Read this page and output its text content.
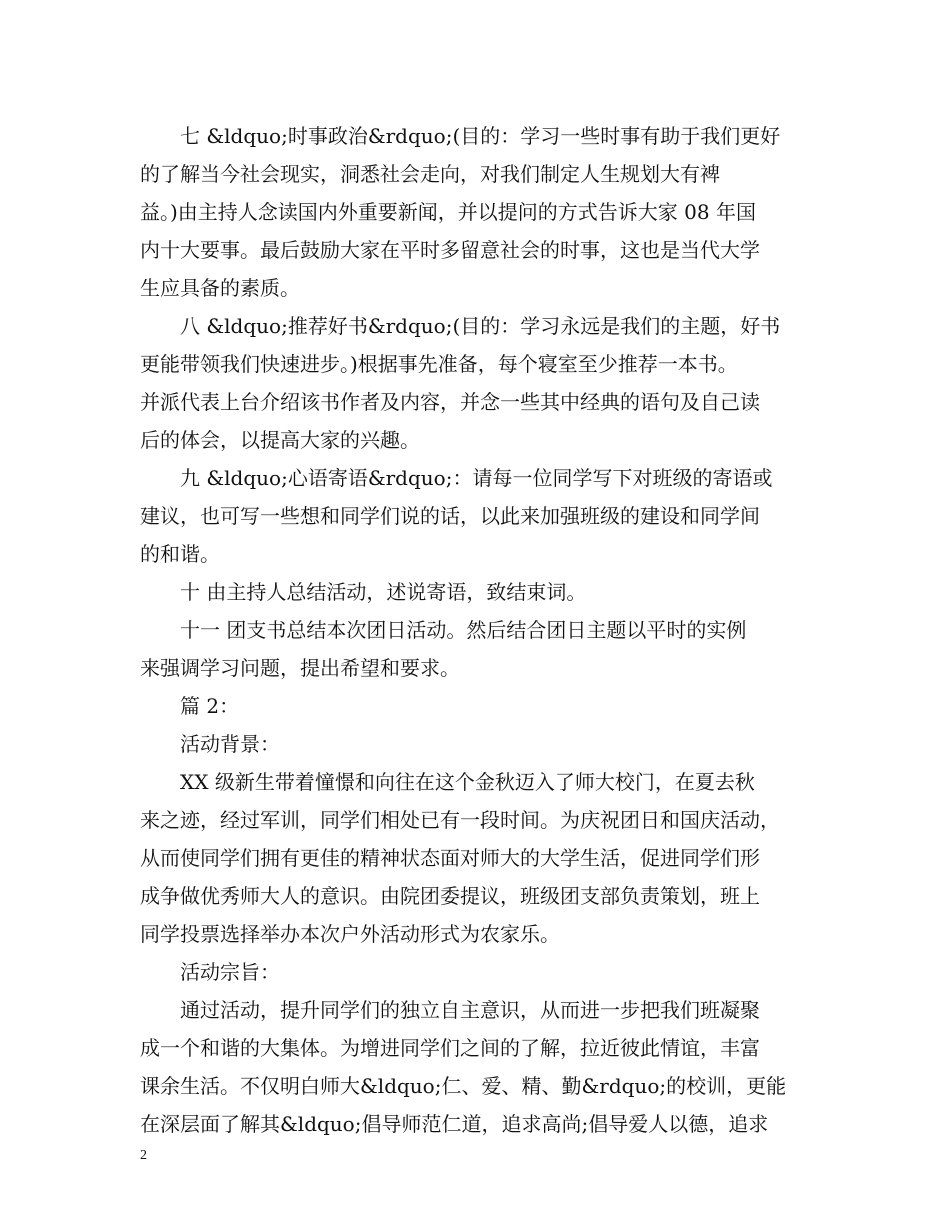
七 &ldquo;时事政治&rdquo;(目的：学习一些时事有助于我们更好
的了解当今社会现实，洞悉社会走向，对我们制定人生规划大有裨
益。)由主持人念读国内外重要新闻，并以提问的方式告诉大家 08 年国
内十大要事。最后鼓励大家在平时多留意社会的时事，这也是当代大学
生应具备的素质。
八 &ldquo;推荐好书&rdquo;(目的：学习永远是我们的主题，好书
更能带领我们快速进步。)根据事先准备，每个寝室至少推荐一本书。
并派代表上台介绍该书作者及内容，并念一些其中经典的语句及自己读
后的体会，以提高大家的兴趣。
九 &ldquo;心语寄语&rdquo;：请每一位同学写下对班级的寄语或
建议，也可写一些想和同学们说的话，以此来加强班级的建设和同学间
的和谐。
十 由主持人总结活动，述说寄语，致结束词。
十一 团支书总结本次团日活动。然后结合团日主题以平时的实例
来强调学习问题，提出希望和要求。
篇 2：
活动背景：
XX 级新生带着憧憬和向往在这个金秋迈入了师大校门，在夏去秋
来之迹，经过军训，同学们相处已有一段时间。为庆祝团日和国庆活动，
从而使同学们拥有更佳的精神状态面对师大的大学生活，促进同学们形
成争做优秀师大人的意识。由院团委提议，班级团支部负责策划，班上
同学投票选择举办本次户外活动形式为农家乐。
活动宗旨：
通过活动，提升同学们的独立自主意识，从而进一步把我们班凝聚
成一个和谐的大集体。为增进同学们之间的了解，拉近彼此情谊，丰富
课余生活。不仅明白师大&ldquo;仁、爱、精、勤&rdquo;的校训，更能
在深层面了解其&ldquo;倡导师范仁道，追求高尚;倡导爱人以德，追求
2
